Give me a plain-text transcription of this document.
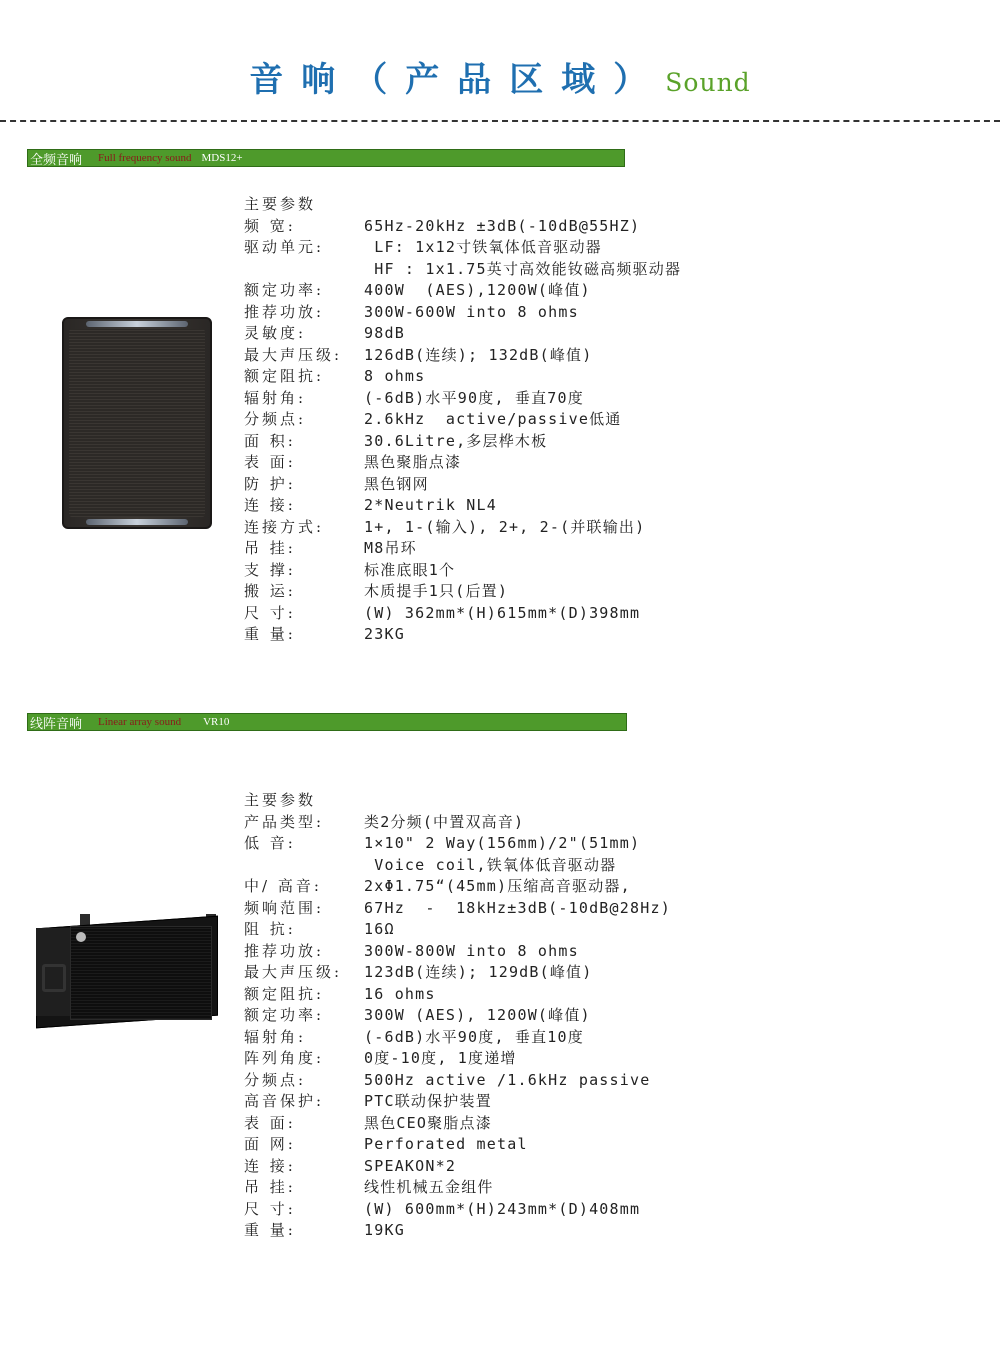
音响（产品区域）Sound
全频音响 Full frequency sound MDS12+
主要参数
频 宽:	65Hz-20kHz ±3dB(-10dB@55HZ)
驱动单元:	LF: 1x12寸铁氧体低音驱动器
HF : 1x1.75英寸高效能钕磁高频驱动器
额定功率:	400W  (AES),1200W(峰值)
推荐功放:	300W-600W into 8 ohms
灵敏度:	98dB
最大声压级:	126dB(连续); 132dB(峰值)
额定阻抗:	8 ohms
辐射角:	(-6dB)水平90度, 垂直70度
分频点:	2.6kHz  active/passive低通
面 积:	30.6Litre,多层桦木板
表 面:	黑色聚脂点漆
防 护:	黑色钢网
连 接:	2*Neutrik NL4
连接方式:	1+, 1-(输入), 2+, 2-(并联输出)
吊 挂:	M8吊环
支 撑:	标准底眼1个
搬 运:	木质提手1只(后置)
尺 寸:	(W) 362mm*(H)615mm*(D)398mm
重 量:	23KG
线阵音响 Linear array sound VR10
主要参数
产品类型:	类2分频(中置双高音)
低 音:	1×10" 2 Way(156mm)/2"(51mm)
Voice coil,铁氧体低音驱动器
中/ 高音:	2xΦ1.75“(45mm)压缩高音驱动器,
频响范围:	67Hz  -  18kHz±3dB(-10dB@28Hz)
阻 抗:	16Ω
推荐功放:	300W-800W into 8 ohms
最大声压级:	123dB(连续); 129dB(峰值)
额定阻抗:	16 ohms
额定功率:	300W (AES), 1200W(峰值)
辐射角:	(-6dB)水平90度, 垂直10度
阵列角度:	0度-10度, 1度递增
分频点:	500Hz active /1.6kHz passive
高音保护:	PTC联动保护装置
表 面:	黑色CEO聚脂点漆
面 网:	Perforated metal
连 接:	SPEAKON*2
吊 挂:	线性机械五金组件
尺 寸:	(W) 600mm*(H)243mm*(D)408mm
重 量:	19KG
